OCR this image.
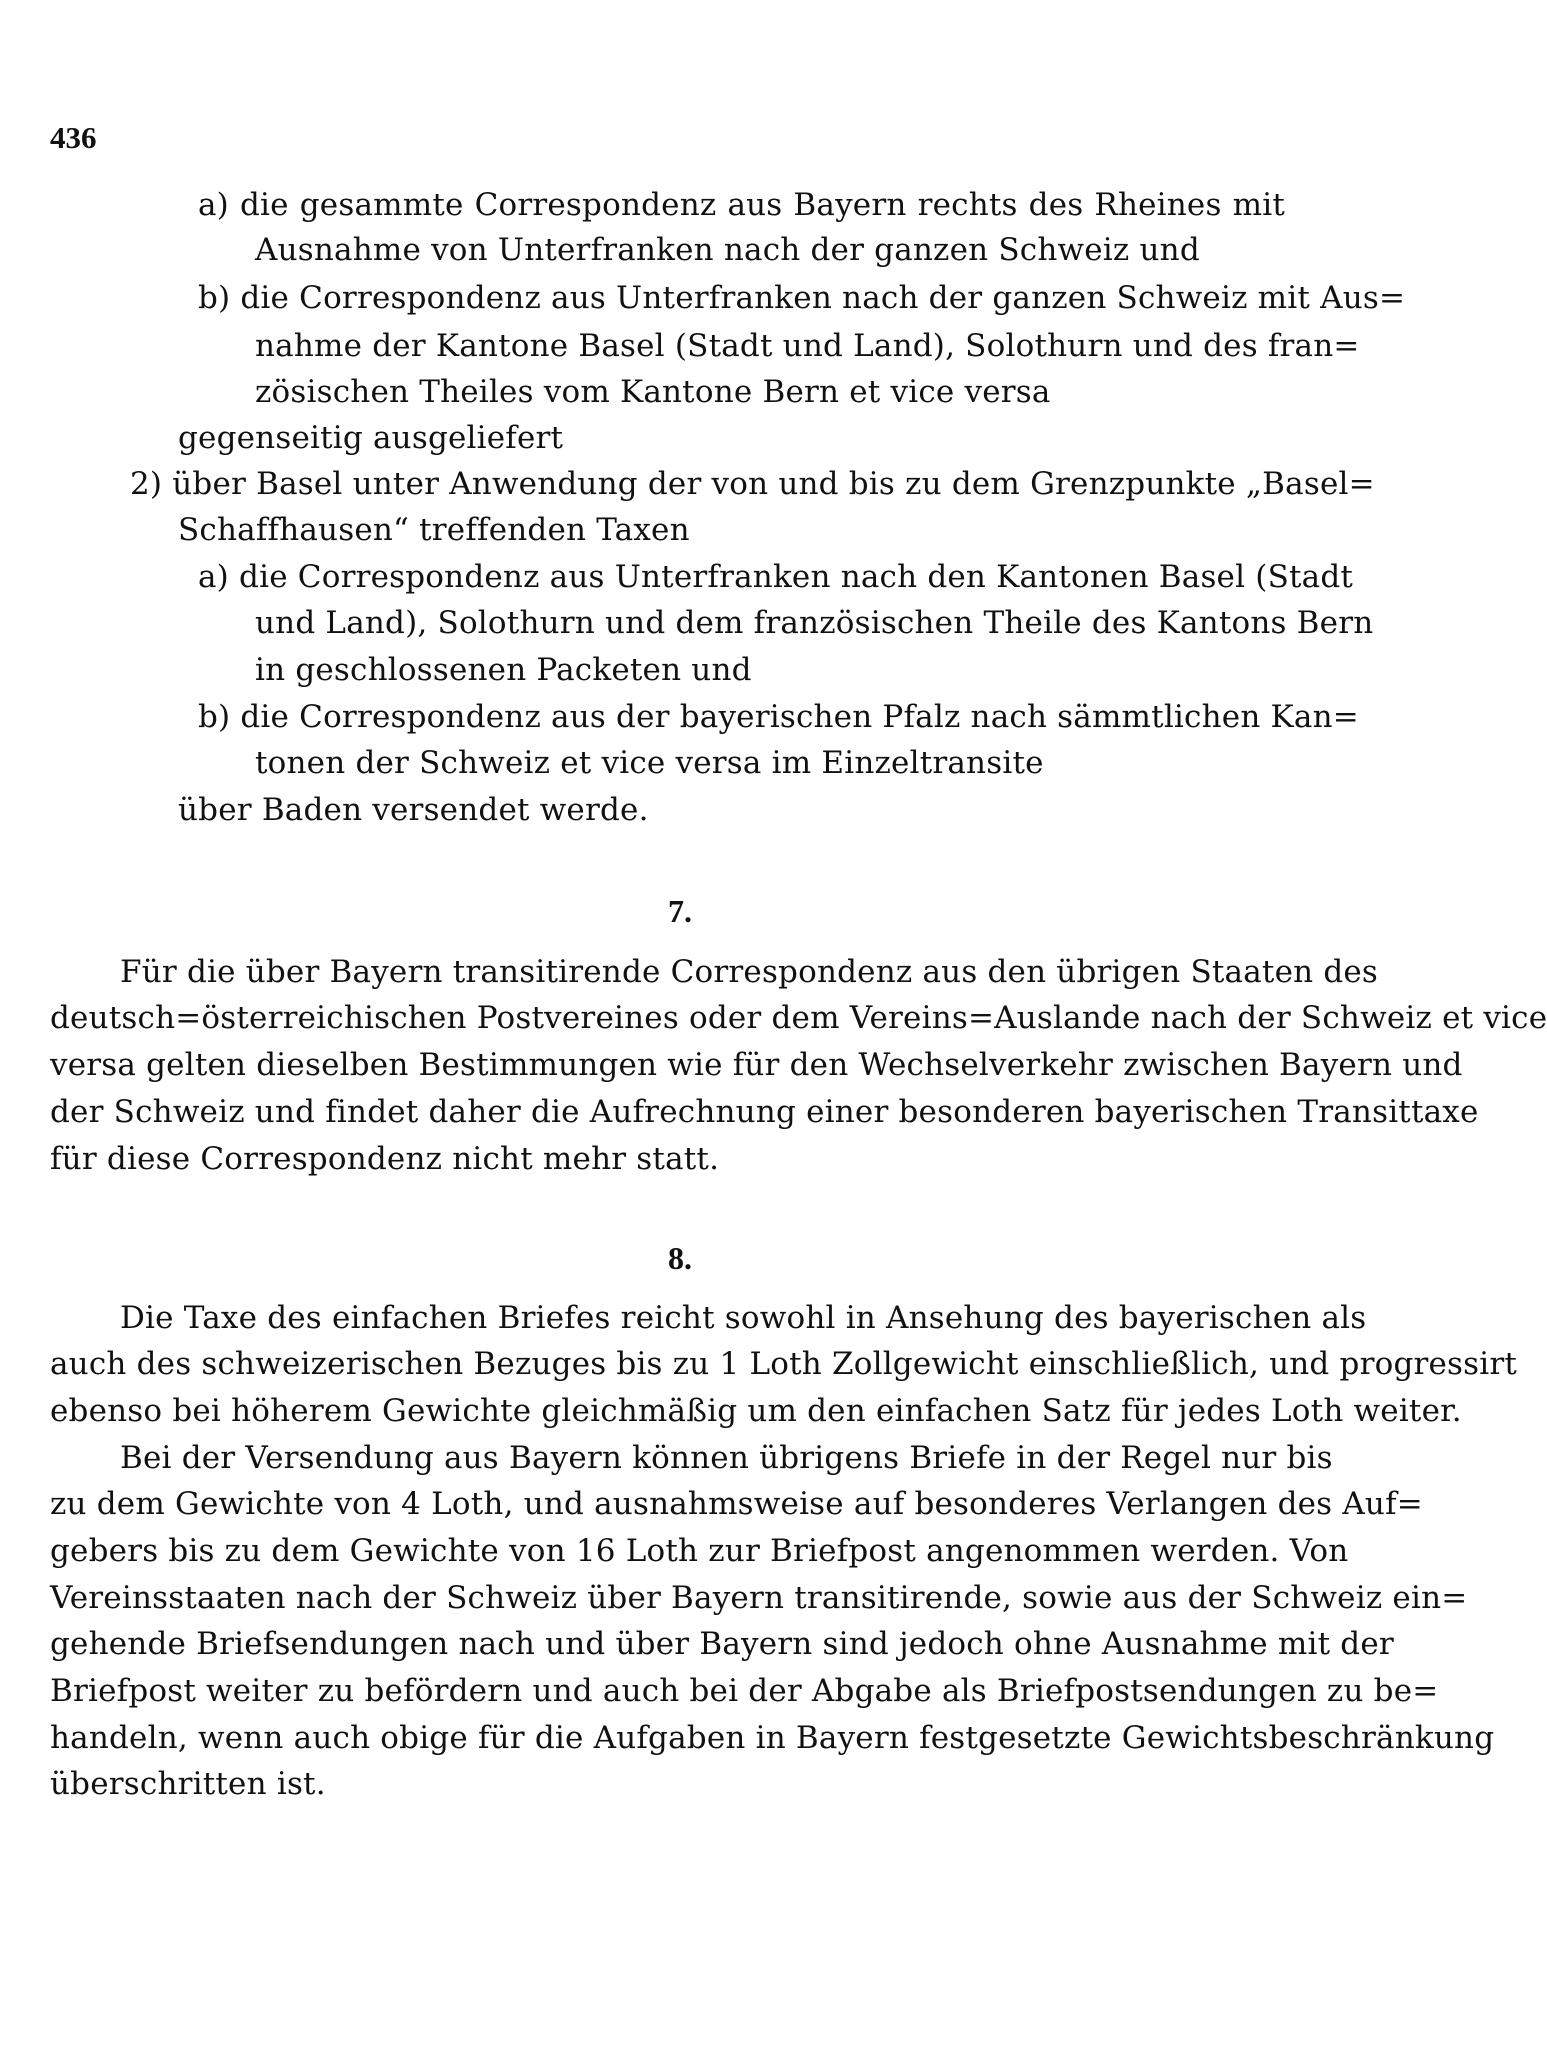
436
a) die gesammte Correspondenz aus Bayern rechts des Rheines mit
Ausnahme von Unterfranken nach der ganzen Schweiz und
b) die Correspondenz aus Unterfranken nach der ganzen Schweiz mit Aus=
nahme der Kantone Basel (Stadt und Land), Solothurn und des fran=
zösischen Theiles vom Kantone Bern et vice versa
gegenseitig ausgeliefert
2) über Basel unter Anwendung der von und bis zu dem Grenzpunkte „Basel=
Schaffhausen“ treffenden Taxen
a) die Correspondenz aus Unterfranken nach den Kantonen Basel (Stadt
und Land), Solothurn und dem französischen Theile des Kantons Bern
in geschlossenen Packeten und
b) die Correspondenz aus der bayerischen Pfalz nach sämmtlichen Kan=
tonen der Schweiz et vice versa im Einzeltransite
über Baden versendet werde.
7.
Für die über Bayern transitirende Correspondenz aus den übrigen Staaten des
deutsch=österreichischen Postvereines oder dem Vereins=Auslande nach der Schweiz et vice
versa gelten dieselben Bestimmungen wie für den Wechselverkehr zwischen Bayern und
der Schweiz und findet daher die Aufrechnung einer besonderen bayerischen Transittaxe
für diese Correspondenz nicht mehr statt.
8.
Die Taxe des einfachen Briefes reicht sowohl in Ansehung des bayerischen als
auch des schweizerischen Bezuges bis zu 1 Loth Zollgewicht einschließlich, und progressirt
ebenso bei höherem Gewichte gleichmäßig um den einfachen Satz für jedes Loth weiter.
Bei der Versendung aus Bayern können übrigens Briefe in der Regel nur bis
zu dem Gewichte von 4 Loth, und ausnahmsweise auf besonderes Verlangen des Auf=
gebers bis zu dem Gewichte von 16 Loth zur Briefpost angenommen werden. Von
Vereinsstaaten nach der Schweiz über Bayern transitirende, sowie aus der Schweiz ein=
gehende Briefsendungen nach und über Bayern sind jedoch ohne Ausnahme mit der
Briefpost weiter zu befördern und auch bei der Abgabe als Briefpostsendungen zu be=
handeln, wenn auch obige für die Aufgaben in Bayern festgesetzte Gewichtsbeschränkung
überschritten ist.
